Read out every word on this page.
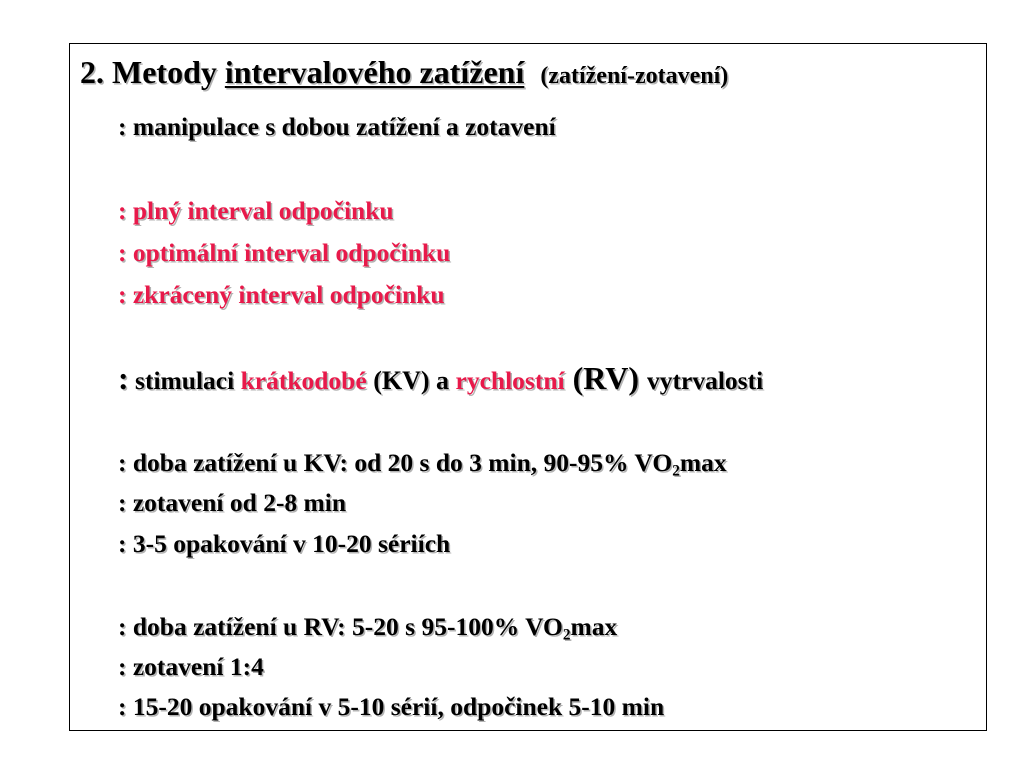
2. Metody intervalového zatížení (zatížení-zotavení)
: manipulace s dobou zatížení a zotavení
: plný interval odpočinku
: optimální interval odpočinku
: zkrácený interval odpočinku
: stimulaci krátkodobé (KV) a rychlostní (RV) vytrvalosti
: doba zatížení u KV: od 20 s do 3 min, 90-95% $VO_2\max$
: zotavení od 2-8 min
: 3-5 opakování v 10-20 sériích
: doba zatížení u RV: 5-20 s 95-100% $VO_2\max$
: zotavení 1:4
: 15-20 opakování v 5-10 sérií, odpočinek 5-10 min
